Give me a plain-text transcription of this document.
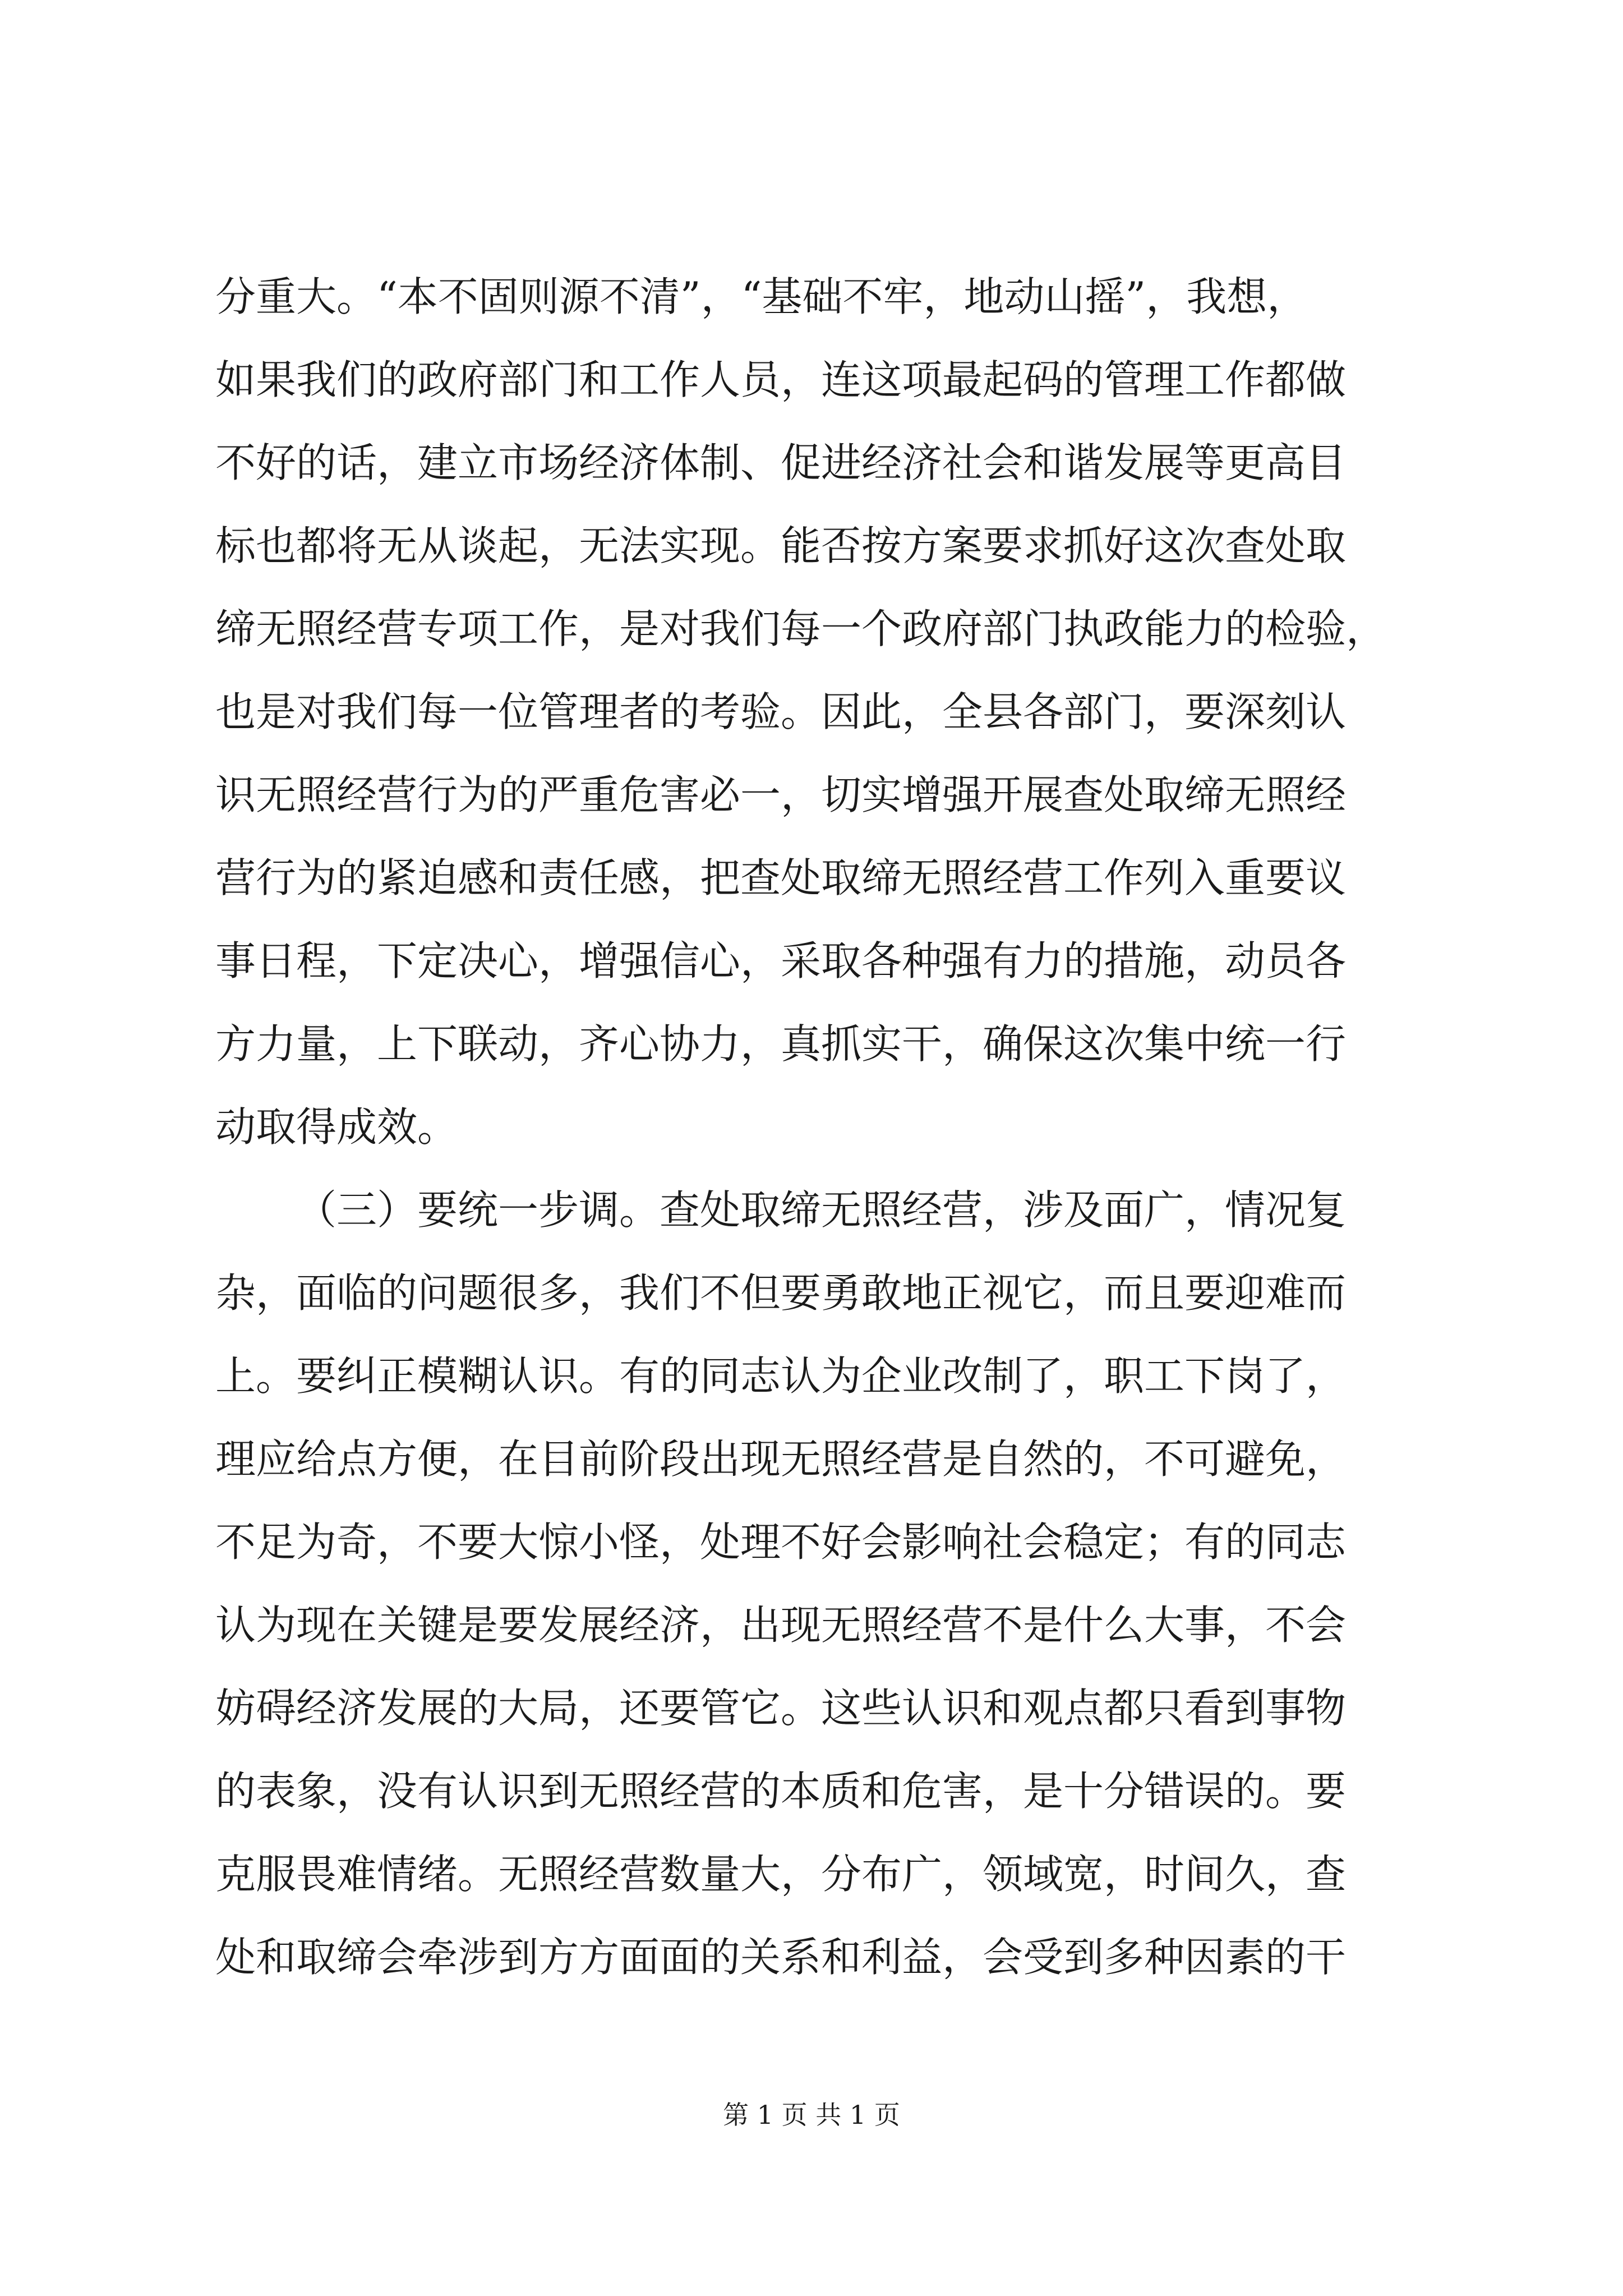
分重大。“本不固则源不清”，“基础不牢，地动山摇”，我想，
如果我们的政府部门和工作人员，连这项最起码的管理工作都做
不好的话，建立市场经济体制、促进经济社会和谐发展等更高目
标也都将无从谈起，无法实现。能否按方案要求抓好这次查处取
缔无照经营专项工作，是对我们每一个政府部门执政能力的检验，
也是对我们每一位管理者的考验。因此，全县各部门，要深刻认
识无照经营行为的严重危害必一，切实增强开展查处取缔无照经
营行为的紧迫感和责任感，把查处取缔无照经营工作列入重要议
事日程，下定决心，增强信心，采取各种强有力的措施，动员各
方力量，上下联动，齐心协力，真抓实干，确保这次集中统一行
动取得成效。
（三）要统一步调。查处取缔无照经营，涉及面广，情况复
杂，面临的问题很多，我们不但要勇敢地正视它，而且要迎难而
上。要纠正模糊认识。有的同志认为企业改制了，职工下岗了，
理应给点方便，在目前阶段出现无照经营是自然的，不可避免，
不足为奇，不要大惊小怪，处理不好会影响社会稳定；有的同志
认为现在关键是要发展经济，出现无照经营不是什么大事，不会
妨碍经济发展的大局，还要管它。这些认识和观点都只看到事物
的表象，没有认识到无照经营的本质和危害，是十分错误的。要
克服畏难情绪。无照经营数量大，分布广，领域宽，时间久，查
处和取缔会牵涉到方方面面的关系和利益，会受到多种因素的干
第 1 页 共 1 页
